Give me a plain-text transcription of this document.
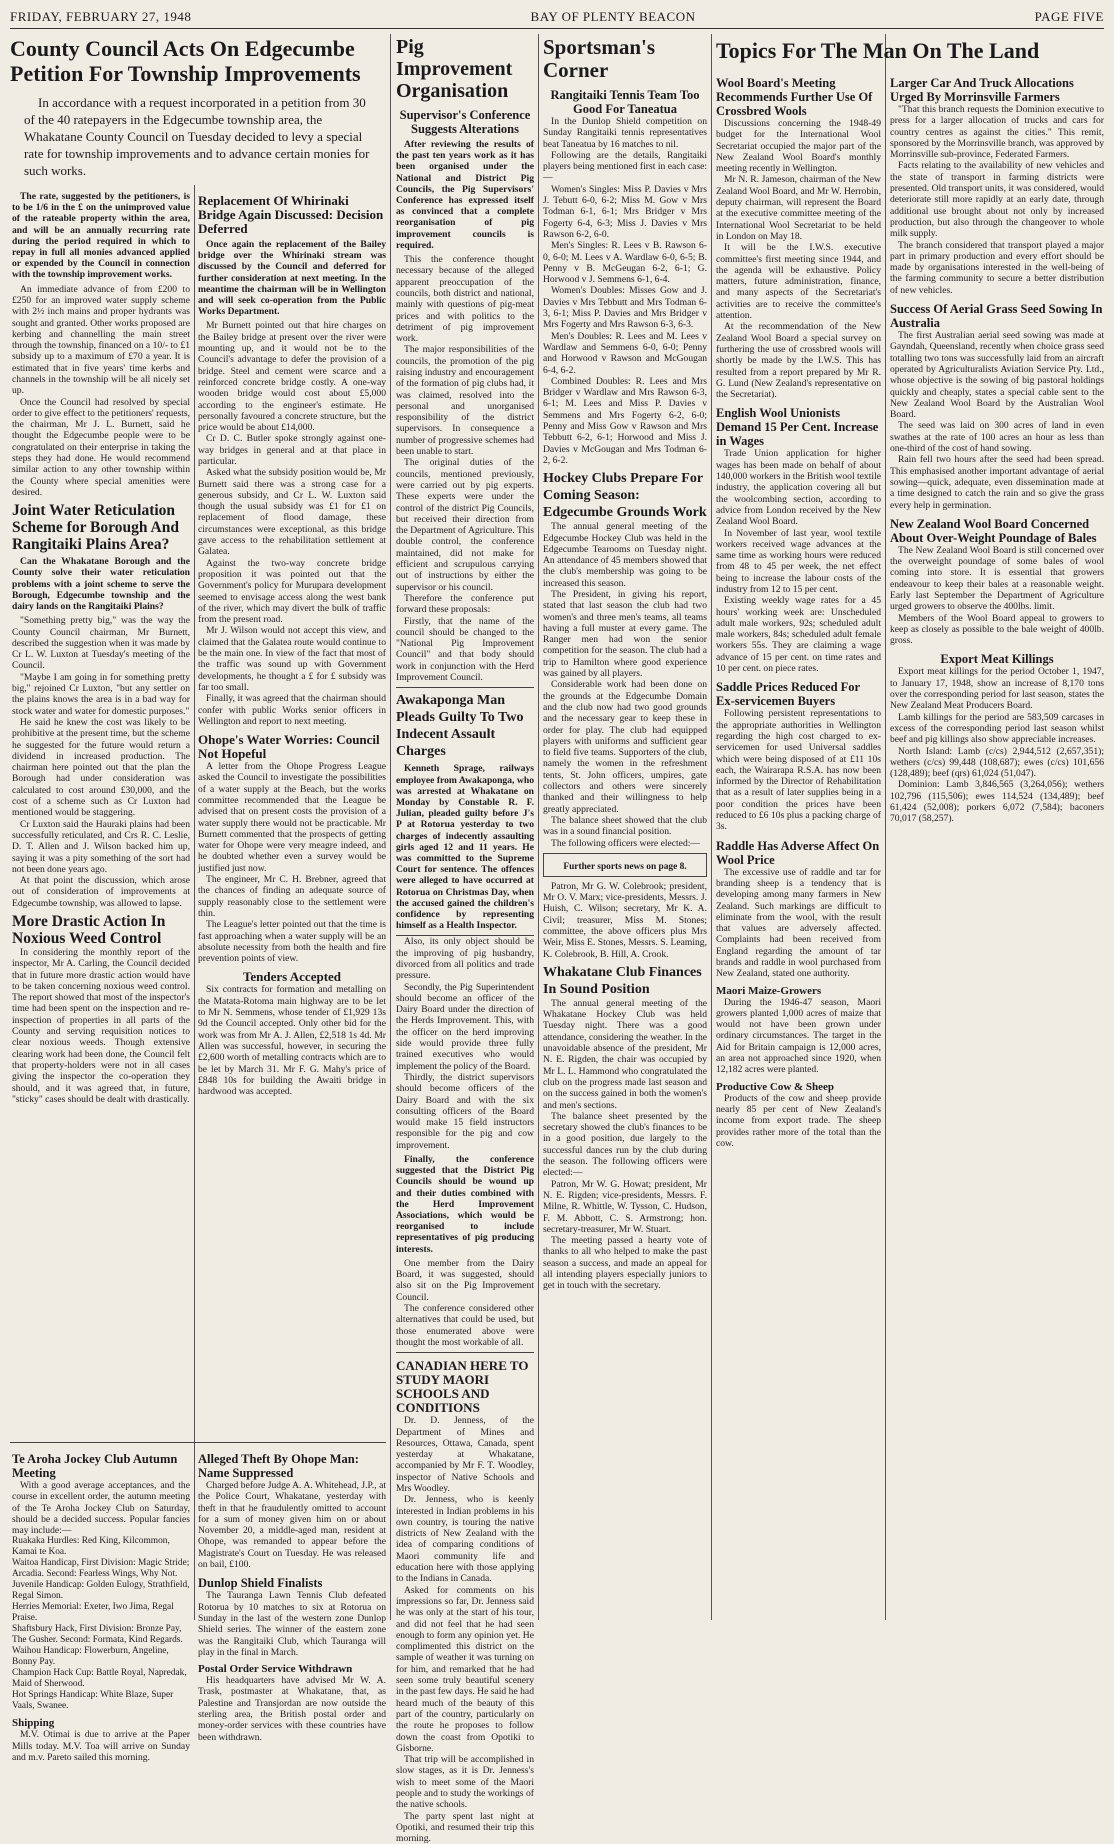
FRIDAY, FEBRUARY 27, 1948	BAY OF PLENTY BEACON	PAGE FIVE
County Council Acts On Edgecumbe Petition For Township Improvements
In accordance with a request incorporated in a petition from 30 of the 40 ratepayers in the Edgecumbe township area, the Whakatane County Council on Tuesday decided to levy a special rate for township improvements and to advance certain monies for such works.

The rate, suggested by the petitioners, is to be 1/6 in the £ on the unimproved value of the rateable property within the area, and will be an annually recurring rate during the period required in which to repay in full all monies advanced applied or expended by the Council in connection with the township improvement works.

An immediate advance of from £200 to £250 for an improved water supply scheme with 2½ inch mains and proper hydrants was sought and granted. Other works proposed are kerbing and channelling the main street through the township, financed on a 10/- to £1 subsidy up to a maximum of £70 a year. It is estimated that in five years' time kerbs and channels in the township will be all nicely set up.

Once the Council had resolved by special order to give effect to the petitioners' requests, the chairman, Mr J. L. Burnett, said he thought the Edgecumbe people were to be congratulated on their enterprise in taking the steps they had done. He would recommend similar action to any other township within the County where special amenities were desired.

Joint Water Reticulation Scheme for Borough And Rangitaiki Plains Area?

Can the Whakatane Borough and the County solve their water reticulation problems with a joint scheme to serve the Borough, Edgecumbe township and the dairy lands on the Rangitaiki Plains?

"Something pretty big," was the way the County Council chairman, Mr Burnett, described the suggestion when it was made by Cr L. W. Luxton at Tuesday's meeting of the Council.

"Maybe I am going in for something pretty big," rejoined Cr Luxton, "but any settler on the plains knows the area is in a bad way for stock water and water for domestic purposes."

He said he knew the cost was likely to be prohibitive at the present time, but the scheme he suggested for the future would return a dividend in increased production. The chairman here pointed out that the plan the Borough had under consideration was calculated to cost around £30,000, and the cost of a scheme such as Cr Luxton had mentioned would be staggering.

Cr Luxton said the Hauraki plains had been successfully reticulated, and Crs R. C. Leslie, D. T. Allen and J. Wilson backed him up, saying it was a pity something of the sort had not been done years ago.

At that point the discussion, which arose out of consideration of improvements at Edgecumbe township, was allowed to lapse.

More Drastic Action In Noxious Weed Control

In considering the monthly report of the inspector, Mr A. Carling, the Council decided that in future more drastic action would have to be taken concerning noxious weed control. The report showed that most of the inspector's time had been spent on the inspection and re-inspection of properties in all parts of the County and serving requisition notices to clear noxious weeds. Though extensive clearing work had been done, the Council felt that property-holders were not in all cases giving the inspector the co-operation they should, and it was agreed that, in future, "sticky" cases should be dealt with drastically.

Replacement Of Whirinaki Bridge Again Discussed: Decision Deferred

Once again the replacement of the Bailey bridge over the Whirinaki stream was discussed by the Council and deferred for further consideration at next meeting. In the meantime the chairman will be in Wellington and will seek co-operation from the Public Works Department.

Mr Burnett pointed out that hire charges on the Bailey bridge at present over the river were mounting up, and it would not be to the Council's advantage to defer the provision of a bridge. Steel and cement were scarce and a reinforced concrete bridge costly. A one-way wooden bridge would cost about £5,000 according to the engineer's estimate. He personally favoured a concrete structure, but the price would be about £14,000.

Cr D. C. Butler spoke strongly against one-way bridges in general and at that place in particular.

Asked what the subsidy position would be, Mr Burnett said there was a strong case for a generous subsidy, and Cr L. W. Luxton said though the usual subsidy was £1 for £1 on replacement of flood damage, these circumstances were exceptional, as this bridge gave access to the rehabilitation settlement at Galatea.

Against the two-way concrete bridge proposition it was pointed out that the Government's policy for Murupara development seemed to envisage access along the west bank of the river, which may divert the bulk of traffic from the present road.

Mr J. Wilson would not accept this view, and claimed that the Galatea route would continue to be the main one. In view of the fact that most of the traffic was sound up with Government developments, he thought a £ for £ subsidy was far too small.

Finally, it was agreed that the chairman should confer with public Works senior officers in Wellington and report to next meeting.

Ohope's Water Worries: Council Not Hopeful

A letter from the Ohope Progress League asked the Council to investigate the possibilities of a water supply at the Beach, but the works committee recommended that the League be advised that on present costs the provision of a water supply there would not be practicable. Mr Burnett commented that the prospects of getting water for Ohope were very meagre indeed, and he doubted whether even a survey would be justified just now.

The engineer, Mr C. H. Brebner, agreed that the chances of finding an adequate source of supply reasonably close to the settlement were thin.

The League's letter pointed out that the time is fast approaching when a water supply will be an absolute necessity from both the health and fire prevention points of view.

Tenders Accepted

Six contracts for formation and metalling on the Matata-Rotoma main highway are to be let to Mr N. Semmens, whose tender of £1,929 13s 9d the Council accepted. Only other bid for the work was from Mr A. J. Allen, £2,518 1s 4d. Mr Allen was successful, however, in securing the £2,600 worth of metalling contracts which are to be let by March 31. Mr F. G. Mahy's price of £848 10s for building the Awaiti bridge in hardwood was accepted.

Te Aroha Jockey Club Autumn Meeting

With a good average acceptances, and the course in excellent order, the autumn meeting of the Te Aroha Jockey Club on Saturday, should be a decided success. Popular fancies may include:—

Ruakaka Hurdles: Red King, Kilcommon, Kamai te Koa.

Waitoa Handicap, First Division: Magic Stride; Arcadia. Second: Fearless Wings, Why Not.

Juvenile Handicap: Golden Eulogy, Strathfield, Regal Simon.

Herries Memorial: Exeter, Iwo Jima, Regal Praise.

Shaftsbury Hack, First Division: Bronze Pay, The Gusher. Second: Formata, Kind Regards.

Waihou Handicap: Flowerburn, Angeline, Bonny Pay.

Champion Hack Cup: Battle Royal, Napredak, Maid of Sherwood.

Hot Springs Handicap: White Blaze, Super Vaals, Swanee.

Shipping

M.V. Otimai is due to arrive at the Paper Mills today. M.V. Toa will arrive on Sunday and m.v. Pareto sailed this morning.

Alleged Theft By Ohope Man: Name Suppressed

Charged before Judge A. A. Whitehead, J.P., at the Police Court, Whakatane, yesterday with theft in that he fraudulently omitted to account for a sum of money given him on or about November 20, a middle-aged man, resident at Ohope, was remanded to appear before the Magistrate's Court on Tuesday. He was released on bail, £100.

Dunlop Shield Finalists

The Tauranga Lawn Tennis Club defeated Rotorua by 10 matches to six at Rotorua on Sunday in the last of the western zone Dunlop Shield series. The winner of the eastern zone was the Rangitaiki Club, which Tauranga will play in the final in March.

Postal Order Service Withdrawn

His headquarters have advised Mr W. A. Trask, postmaster at Whakatane, that, as Palestine and Transjordan are now outside the sterling area, the British postal order and money-order services with these countries have been withdrawn.

Pig Improvement Organisation
Supervisor's Conference Suggests Alterations

After reviewing the results of the past ten years work as it has been organised under the National and District Pig Councils, the Pig Supervisors' Conference has expressed itself as convinced that a complete reorganisation of pig improvement councils is required.

This the conference thought necessary because of the alleged apparent preoccupation of the councils, both district and national, mainly with questions of pig-meat prices and with politics to the detriment of pig improvement work.

The major responsibilities of the councils, the promotion of the pig raising industry and encouragement of the formation of pig clubs had, it was claimed, resolved into the personal and unorganised responsibility of the district supervisors. In consequence a number of progressive schemes had been unable to start.

The original duties of the councils, mentioned previously, were carried out by pig experts. These experts were under the control of the district Pig Councils, but received their direction from the Department of Agriculture. This double control, the conference maintained, did not make for efficient and scrupulous carrying out of instructions by either the supervisor or his council.

Therefore the conference put forward these proposals:

Firstly, that the name of the council should be changed to the "National Pig Improvement Council" and that body should work in conjunction with the Herd Improvement Council.

Awakaponga Man Pleads Guilty To Two Indecent Assault Charges

Kenneth Sprage, railways employee from Awakaponga, who was arrested at Whakatane on Monday by Constable R. F. Julian, pleaded guilty before J's P at Rotorua yesterday to two charges of indecently assaulting girls aged 12 and 11 years. He was committed to the Supreme Court for sentence. The offences were alleged to have occurred at Rotorua on Christmas Day, when the accused gained the children's confidence by representing himself as a Health Inspector.

Also, its only object should be the improving of pig husbandry, divorced from all politics and trade pressure.

Secondly, the Pig Superintendent should become an officer of the Dairy Board under the direction of the Herds Improvement. This, with the officer on the herd improving side would provide three fully trained executives who would implement the policy of the Board.

Thirdly, the district supervisors should become officers of the Dairy Board and with the six consulting officers of the Board would make 15 field instructors responsible for the pig and cow improvement.

Finally, the conference suggested that the District Pig Councils should be wound up and their duties combined with the Herd Improvement Associations, which would be reorganised to include representatives of pig producing interests.

One member from the Dairy Board, it was suggested, should also sit on the Pig Improvement Council.

The conference considered other alternatives that could be used, but those enumerated above were thought the most workable of all.

CANADIAN HERE TO STUDY MAORI SCHOOLS AND CONDITIONS

Dr. D. Jenness, of the Department of Mines and Resources, Ottawa, Canada, spent yesterday at Whakatane, accompanied by Mr F. T. Woodley, inspector of Native Schools and Mrs Woodley.

Dr. Jenness, who is keenly interested in Indian problems in his own country, is touring the native districts of New Zealand with the idea of comparing conditions of Maori community life and education here with those applying to the Indians in Canada.

Asked for comments on his impressions so far, Dr. Jenness said he was only at the start of his tour, and did not feel that he had seen enough to form any opinion yet. He complimented this district on the sample of weather it was turning on for him, and remarked that he had seen some truly beautiful scenery in the past few days. He said he had heard much of the beauty of this part of the country, particularly on the route he proposes to follow down the coast from Opotiki to Gisborne.

That trip will be accomplished in slow stages, as it is Dr. Jenness's wish to meet some of the Maori people and to study the workings of the native schools.

The party spent last night at Opotiki, and resumed their trip this morning.

Sportsman's Corner
Rangitaiki Tennis Team Too Good For Taneatua

In the Dunlop Shield competition on Sunday Rangitaiki tennis representatives beat Taneatua by 16 matches to nil.

Following are the details, Rangitaiki players being mentioned first in each case:—

Women's Singles: Miss P. Davies v Mrs J. Tebutt 6-0, 6-2; Miss M. Gow v Mrs Todman 6-1, 6-1; Mrs Bridger v Mrs Fogerty 6-4, 6-3; Miss J. Davies v Mrs Rawson 6-2, 6-0.

Men's Singles: R. Lees v B. Rawson 6-0, 6-0; M. Lees v A. Wardlaw 6-0, 6-5; B. Penny v B. McGeugan 6-2, 6-1; G. Horwood v J. Semmens 6-1, 6-4.

Women's Doubles: Misses Gow and J. Davies v Mrs Tebbutt and Mrs Todman 6-3, 6-1; Miss P. Davies and Mrs Bridger v Mrs Fogerty and Mrs Rawson 6-3, 6-3.

Men's Doubles: R. Lees and M. Lees v Wardlaw and Semmens 6-0, 6-0; Penny and Horwood v Rawson and McGougan 6-4, 6-2.

Combined Doubles: R. Lees and Mrs Bridger v Wardlaw and Mrs Rawson 6-3, 6-1; M. Lees and Miss P. Davies v Semmens and Mrs Fogerty 6-2, 6-0; Penny and Miss Gow v Rawson and Mrs Tebbutt 6-2, 6-1; Horwood and Miss J. Davies v McGougan and Mrs Todman 6-2, 6-2.

Hockey Clubs Prepare For Coming Season: Edgecumbe Grounds Work

The annual general meeting of the Edgecumbe Hockey Club was held in the Edgecumbe Tearooms on Tuesday night. An attendance of 45 members showed that the club's membership was going to be increased this season.

The President, in giving his report, stated that last season the club had two women's and three men's teams, all teams having a full muster at every game. The Ranger men had won the senior competition for the season. The club had a trip to Hamilton where good experience was gained by all players.

Considerable work had been done on the grounds at the Edgecumbe Domain and the club now had two good grounds and the necessary gear to keep these in order for play. The club had equipped players with uniforms and sufficient gear to field five teams. Supporters of the club, namely the women in the refreshment tents, St. John officers, umpires, gate collectors and others were sincerely thanked and their willingness to help greatly appreciated.

The balance sheet showed that the club was in a sound financial position.

The following officers were elected:—

Further sports news on page 8.

Patron, Mr G. W. Colebrook; president, Mr O. V. Marx; vice-presidents, Messrs. J. Huish, C. Wilson; secretary, Mr K. A. Civil; treasurer, Miss M. Stones; committee, the above officers plus Mrs Weir, Miss E. Stones, Messrs. S. Leaming, K. Colebrook, B. Hill, A. Crook.

Whakatane Club Finances In Sound Position

The annual general meeting of the Whakatane Hockey Club was held Tuesday night. There was a good attendance, considering the weather. In the unavoidable absence of the president, Mr N. E. Rigden, the chair was occupied by Mr L. L. Hammond who congratulated the club on the progress made last season and on the success gained in both the women's and men's sections.

The balance sheet presented by the secretary showed the club's finances to be in a good position, due largely to the successful dances run by the club during the season. The following officers were elected:—

Patron, Mr W. G. Howat; president, Mr N. E. Rigden; vice-presidents, Messrs. F. Milne, R. Whittle, W. Tysson, C. Hudson, F. M. Abbott, C. S. Armstrong; hon. secretary-treasurer, Mr W. Stuart.

The meeting passed a hearty vote of thanks to all who helped to make the past season a success, and made an appeal for all intending players especially juniors to get in touch with the secretary.

Topics For The Man On The Land
Wool Board's Meeting Recommends Further Use Of Crossbred Wools

Discussions concerning the 1948-49 budget for the International Wool Secretariat occupied the major part of the New Zealand Wool Board's monthly meeting recently in Wellington.

Mr N. R. Jameson, chairman of the New Zealand Wool Board, and Mr W. Herrobin, deputy chairman, will represent the Board at the executive committee meeting of the International Wool Secretariat to be held in London on May 18.

It will be the I.W.S. executive committee's first meeting since 1944, and the agenda will be exhaustive. Policy matters, future administration, finance, and many aspects of the Secretariat's activities are to receive the committee's attention.

At the recommendation of the New Zealand Wool Board a special survey on furthering the use of crossbred wools will shortly be made by the I.W.S. This has resulted from a report prepared by Mr R. G. Lund (New Zealand's representative on the Secretariat).

English Wool Unionists Demand 15 Per Cent. Increase in Wages

Trade Union application for higher wages has been made on behalf of about 140,000 workers in the British wool textile industry, the application covering all but the woolcombing section, according to advice from London received by the New Zealand Wool Board.

In November of last year, wool textile workers received wage advances at the same time as working hours were reduced from 48 to 45 per week, the net effect being to increase the labour costs of the industry from 12 to 15 per cent.

Existing weekly wage rates for a 45 hours' working week are: Unscheduled adult male workers, 92s; scheduled adult male workers, 84s; scheduled adult female workers 55s. They are claiming a wage advance of 15 per cent. on time rates and 10 per cent. on piece rates.

Saddle Prices Reduced For Ex-servicemen Buyers

Following persistent representations to the appropriate authorities in Wellington regarding the high cost charged to ex-servicemen for used Universal saddles which were being disposed of at £11 10s each, the Wairarapa R.S.A. has now been informed by the Director of Rehabilitation that as a result of later supplies being in a poor condition the prices have been reduced to £6 10s plus a packing charge of 3s.

Raddle Has Adverse Affect On Wool Price

The excessive use of raddle and tar for branding sheep is a tendency that is developing among many farmers in New Zealand. Such markings are difficult to eliminate from the wool, with the result that values are adversely affected. Complaints had been received from England regarding the amount of tar brands and raddle in wool purchased from New Zealand, stated one authority.

Maori Maize-Growers

During the 1946-47 season, Maori growers planted 1,000 acres of maize that would not have been grown under ordinary circumstances. The target in the Aid for Britain campaign is 12,000 acres, an area not approached since 1920, when 12,182 acres were planted.

Productive Cow & Sheep

Products of the cow and sheep provide nearly 85 per cent of New Zealand's income from export trade. The sheep provides rather more of the total than the cow.

Larger Car And Truck Allocations Urged By Morrinsville Farmers

"That this branch requests the Dominion executive to press for a larger allocation of trucks and cars for country centres as against the cities." This remit, sponsored by the Morrinsville branch, was approved by Morrinsville sub-province, Federated Farmers.

Facts relating to the availability of new vehicles and the state of transport in farming districts were presented. Old transport units, it was considered, would deteriorate still more rapidly at an early date, through additional use brought about not only by increased production, but also through the changeover to whole milk supply.

The branch considered that transport played a major part in primary production and every effort should be made by organisations interested in the well-being of the farming community to secure a better distribution of new vehicles.

Success Of Aerial Grass Seed Sowing In Australia

The first Australian aerial seed sowing was made at Gayndah, Queensland, recently when choice grass seed totalling two tons was successfully laid from an aircraft operated by Agriculturalists Aviation Service Pty. Ltd., whose objective is the sowing of big pastoral holdings quickly and cheaply, states a special cable sent to the New Zealand Wool Board by the Australian Wool Board.

The seed was laid on 300 acres of land in even swathes at the rate of 100 acres an hour as less than one-third of the cost of hand sowing.

Rain fell two hours after the seed had been spread. This emphasised another important advantage of aerial sowing—quick, adequate, even dissemination made at a time designed to catch the rain and so give the grass every help in germination.

New Zealand Wool Board Concerned About Over-Weight Poundage of Bales

The New Zealand Wool Board is still concerned over the overweight poundage of some bales of wool coming into store. It is essential that growers endeavour to keep their bales at a reasonable weight. Early last September the Department of Agriculture urged growers to observe the 400lbs. limit.

Members of the Wool Board appeal to growers to keep as closely as possible to the bale weight of 400lb. gross.

Export Meat Killings

Export meat killings for the period October 1, 1947, to January 17, 1948, show an increase of 8,170 tons over the corresponding period for last season, states the New Zealand Meat Producers Board.

Lamb killings for the period are 583,509 carcases in excess of the corresponding period last season whilst beef and pig killings also show appreciable increases.

North Island: Lamb (c/cs) 2,944,512 (2,657,351); wethers (c/cs) 99,448 (108,687); ewes (c/cs) 101,656 (128,489); beef (qrs) 61,024 (51,047).

Dominion: Lamb 3,846,565 (3,264,056); wethers 102,796 (115,506); ewes 114,524 (134,489); beef 61,424 (52,008); porkers 6,072 (7,584); baconers 70,017 (58,257).
